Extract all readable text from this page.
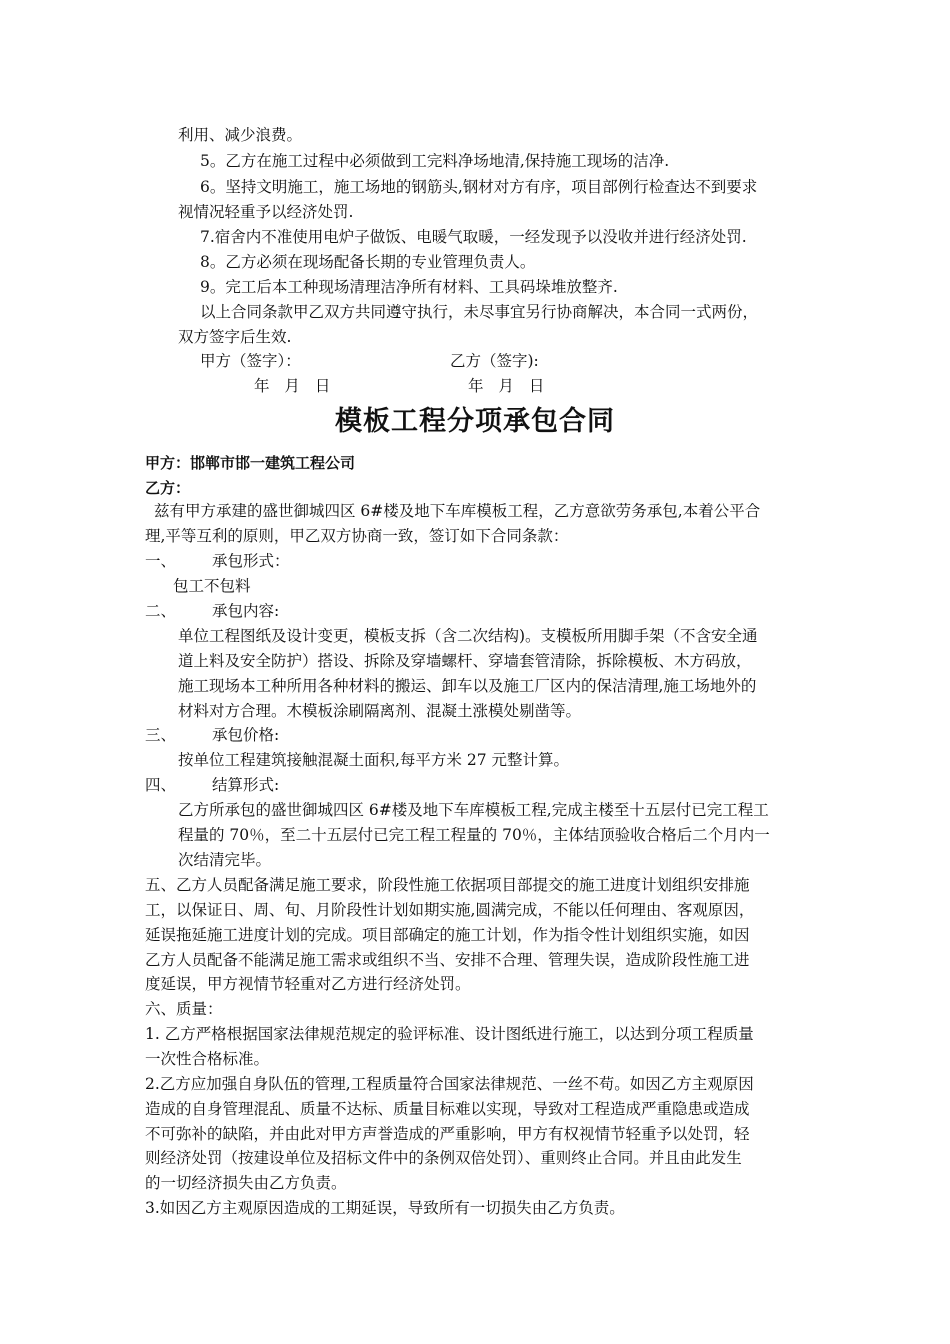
利用、减少浪费。
5。乙方在施工过程中必须做到工完料净场地清,保持施工现场的洁净.
6。坚持文明施工，施工场地的钢筋头,钢材对方有序，项目部例行检查达不到要求
视情况轻重予以经济处罚.
7.宿舍内不准使用电炉子做饭、电暖气取暖，一经发现予以没收并进行经济处罚.
8。乙方必须在现场配备长期的专业管理负责人。
9。完工后本工种现场清理洁净所有材料、工具码垛堆放整齐.
以上合同条款甲乙双方共同遵守执行，未尽事宜另行协商解决，本合同一式两份，
双方签字后生效.
甲方（签字）：	乙方（签字):
年 月 日	年 月 日
模板工程分项承包合同
甲方：邯郸市邯一建筑工程公司
乙方：
兹有甲方承建的盛世御城四区 6#楼及地下车库模板工程，乙方意欲劳务承包,本着公平合
理,平等互利的原则，甲乙双方协商一致，签订如下合同条款：
一、 承包形式：
包工不包料
二、 承包内容:
单位工程图纸及设计变更，模板支拆（含二次结构)。支模板所用脚手架（不含安全通
道上料及安全防护）搭设、拆除及穿墙螺杆、穿墙套管清除，拆除模板、木方码放，
施工现场本工种所用各种材料的搬运、卸车以及施工厂区内的保洁清理,施工场地外的
材料对方合理。木模板涂刷隔离剂、混凝土涨模处剔凿等。
三、 承包价格:
按单位工程建筑接触混凝土面积,每平方米 27 元整计算。
四、 结算形式:
乙方所承包的盛世御城四区 6#楼及地下车库模板工程,完成主楼至十五层付已完工程工
程量的 70％，至二十五层付已完工程工程量的 70％，主体结顶验收合格后二个月内一
次结清完毕。
五、乙方人员配备满足施工要求，阶段性施工依据项目部提交的施工进度计划组织安排施
工，以保证日、周、旬、月阶段性计划如期实施,圆满完成，不能以任何理由、客观原因，
延误拖延施工进度计划的完成。项目部确定的施工计划，作为指令性计划组织实施，如因
乙方人员配备不能满足施工需求或组织不当、安排不合理、管理失误，造成阶段性施工进
度延误，甲方视情节轻重对乙方进行经济处罚。
六、质量：
1. 乙方严格根据国家法律规范规定的验评标准、设计图纸进行施工，以达到分项工程质量
一次性合格标准。
2.乙方应加强自身队伍的管理,工程质量符合国家法律规范、一丝不苟。如因乙方主观原因
造成的自身管理混乱、质量不达标、质量目标难以实现，导致对工程造成严重隐患或造成
不可弥补的缺陷，并由此对甲方声誉造成的严重影响，甲方有权视情节轻重予以处罚，轻
则经济处罚（按建设单位及招标文件中的条例双倍处罚）、重则终止合同。并且由此发生
的一切经济损失由乙方负责。
3.如因乙方主观原因造成的工期延误，导致所有一切损失由乙方负责。
